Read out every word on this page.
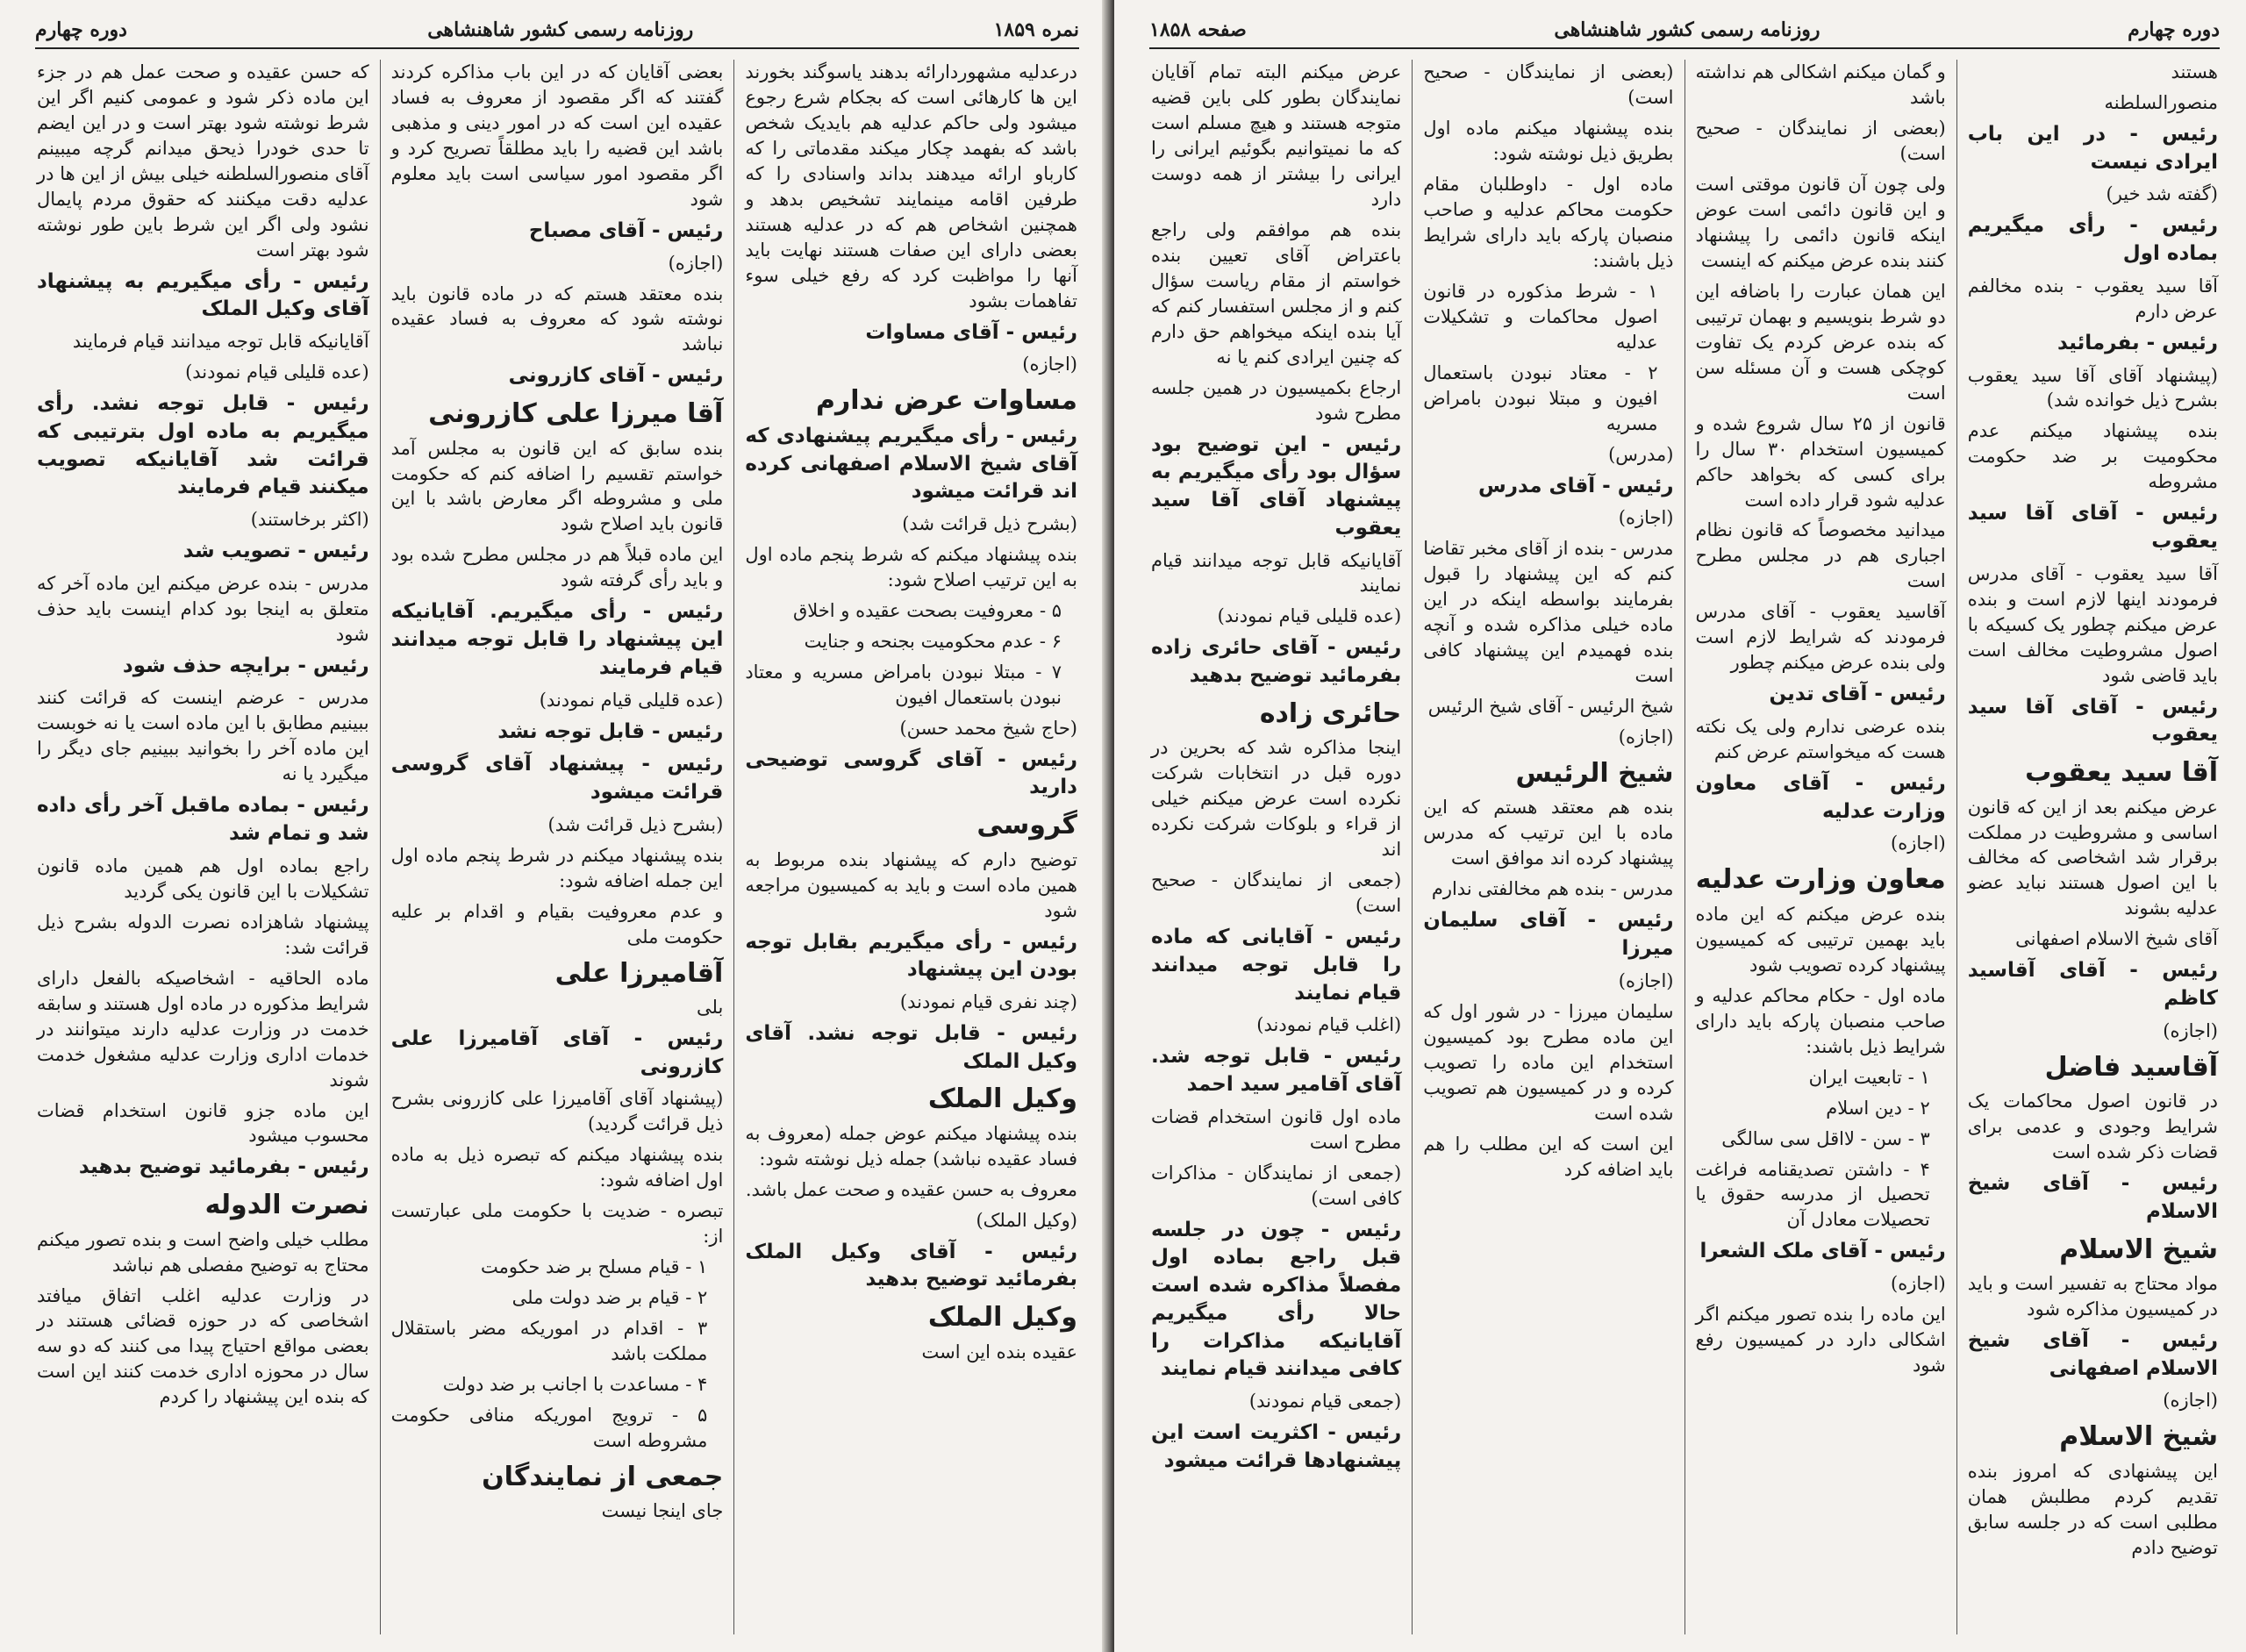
نمره ۱۸۵۹
روزنامه رسمی کشور شاهنشاهی
دوره چهارم

درعدلیه مشهوردارائه بدهند یاسوگند بخورند این ها کارهائی است که بجکام شرع رجوع میشود ولی حاکم عدلیه هم بایدیک شخص باشد که بفهمد چکار میکند مقدماتی را که کارباو ارائه میدهند بداند واسنادی را که طرفین اقامه مینمایند تشخیص بدهد و همچنین اشخاص هم که در عدلیه هستند بعضی دارای این صفات هستند نهایت باید آنها را مواظبت کرد که رفع خیلی سوء تفاهمات بشود

رئیس - آقای مساوات

(اجازه)

مساوات عرض ندارم

رئیس - رأی میگیریم پیشنهادی که آقای شیخ الاسلام اصفهانی کرده اند قرائت میشود

(بشرح ذیل قرائت شد)

بنده پیشنهاد میکنم که شرط پنجم ماده اول به این ترتیب اصلاح شود:

۵ - معروفیت بصحت عقیده و اخلاق

۶ - عدم محکومیت بجنحه و جنایت

۷ - مبتلا نبودن بامراض مسریه و معتاد نبودن باستعمال افیون

(حاج شیخ محمد حسن)

رئیس - آقای گروسی توضیحی دارید

گروسی

توضیح دارم که پیشنهاد بنده مربوط به همین ماده است و باید به کمیسیون مراجعه شود

رئیس - رأی میگیریم بقابل توجه بودن این پیشنهاد

(چند نفری قیام نمودند)

رئیس - قابل توجه نشد. آقای وکیل الملک

وکیل الملک

بنده پیشنهاد میکنم عوض جمله (معروف به فساد عقیده نباشد) جمله ذیل نوشته شود:

معروف به حسن عقیده و صحت عمل باشد.

(وکیل الملک)

رئیس - آقای وکیل الملک بفرمائید توضیح بدهید

وکیل الملک

عقیده بنده این است

بعضی آقایان که در این باب مذاکره کردند گفتند که اگر مقصود از معروف به فساد عقیده این است که در امور دینی و مذهبی باشد این قضیه را باید مطلقاً تصریح کرد و اگر مقصود امور سیاسی است باید معلوم شود

رئیس - آقای مصباح

(اجازه)

بنده معتقد هستم که در ماده قانون باید نوشته شود که معروف به فساد عقیده نباشد

رئیس - آقای کازرونی

آقا میرزا علی کازرونی

بنده سابق که این قانون به مجلس آمد خواستم تقسیم را اضافه کنم که حکومت ملی و مشروطه اگر معارض باشد با این قانون باید اصلاح شود

این ماده قبلاً هم در مجلس مطرح شده بود و باید رأی گرفته شود

رئیس - رأی میگیریم. آقایانیکه این پیشنهاد را قابل توجه میدانند قیام فرمایند

(عده قلیلی قیام نمودند)

رئیس - قابل توجه نشد

رئیس - پیشنهاد آقای گروسی قرائت میشود

(بشرح ذیل قرائت شد)

بنده پیشنهاد میکنم در شرط پنجم ماده اول این جمله اضافه شود:

و عدم معروفیت بقیام و اقدام بر علیه حکومت ملی

آقامیرزا علی

بلی

رئیس - آقای آقامیرزا علی کازرونی

(پیشنهاد آقای آقامیرزا علی کازرونی بشرح ذیل قرائت گردید)

بنده پیشنهاد میکنم که تبصره ذیل به ماده اول اضافه شود:

تبصره - ضدیت با حکومت ملی عبارتست از:

۱ - قیام مسلح بر ضد حکومت

۲ - قیام بر ضد دولت ملی

۳ - اقدام در اموریکه مضر باستقلال مملکت باشد

۴ - مساعدت با اجانب بر ضد دولت

۵ - ترویج اموریکه منافی حکومت مشروطه است

جمعی از نمایندگان

جای اینجا نیست

که حسن عقیده و صحت عمل هم در جزء این ماده ذکر شود و عمومی کنیم اگر این شرط نوشته شود بهتر است و در این ایضم تا حدی خودرا ذیحق میدانم گرچه میبینم آقای منصورالسلطنه خیلی بیش از این ها در عدلیه دقت میکنند که حقوق مردم پایمال نشود ولی اگر این شرط باین طور نوشته شود بهتر است

رئیس - رأی میگیریم به پیشنهاد آقای وکیل الملک

آقایانیکه قابل توجه میدانند قیام فرمایند

(عده قلیلی قیام نمودند)

رئیس - قابل توجه نشد. رأی میگیریم به ماده اول بترتیبی که قرائت شد آقایانیکه تصویب میکنند قیام فرمایند

(اکثر برخاستند)

رئیس - تصویب شد

مدرس - بنده عرض میکنم این ماده آخر که متعلق به اینجا بود کدام اینست باید حذف شود

رئیس - برایچه حذف شود

مدرس - عرضم اینست که قرائت کنند ببینیم مطابق با این ماده است یا نه خوبست این ماده آخر را بخوانید ببینیم جای دیگر را میگیرد یا نه

رئیس - بماده ماقبل آخر رأی داده شد و تمام شد

راجع بماده اول هم همین ماده قانون تشکیلات با این قانون یکی گردید

پیشنهاد شاهزاده نصرت الدوله بشرح ذیل قرائت شد:

ماده الحاقیه - اشخاصیکه بالفعل دارای شرایط مذکوره در ماده اول هستند و سابقه خدمت در وزارت عدلیه دارند میتوانند در خدمات اداری وزارت عدلیه مشغول خدمت شوند

این ماده جزو قانون استخدام قضات محسوب میشود

رئیس - بفرمائید توضیح بدهید

نصرت الدوله

مطلب خیلی واضح است و بنده تصور میکنم محتاج به توضیح مفصلی هم نباشد

در وزارت عدلیه اغلب اتفاق میافتد اشخاصی که در حوزه قضائی هستند در بعضی مواقع احتیاج پیدا می کنند که دو سه سال در محوزه اداری خدمت کنند این است که بنده این پیشنهاد را کردم

دوره چهارم
روزنامه رسمی کشور شاهنشاهی
صفحه ۱۸۵۸

هستند

منصورالسلطنه

رئیس - در این باب ایرادی نیست

(گفته شد خیر)

رئیس - رأی میگیریم بماده اول

آقا سید یعقوب - بنده مخالفم عرض دارم

رئیس - بفرمائید

(پیشنهاد آقای آقا سید یعقوب بشرح ذیل خوانده شد)

بنده پیشنهاد میکنم عدم محکومیت بر ضد حکومت مشروطه

رئیس - آقای آقا سید یعقوب

آقا سید یعقوب - آقای مدرس فرمودند اینها لازم است و بنده عرض میکنم چطور یک کسیکه با اصول مشروطیت مخالف است باید قاضی شود

رئیس - آقای آقا سید یعقوب

آقا سید یعقوب

عرض میکنم بعد از این که قانون اساسی و مشروطیت در مملکت برقرار شد اشخاصی که مخالف با این اصول هستند نباید عضو عدلیه بشوند

آقای شیخ الاسلام اصفهانی

رئیس - آقای آقاسید کاظم

(اجازه)

آقاسید فاضل

در قانون اصول محاکمات یک شرایط وجودی و عدمی برای قضات ذکر شده است

رئیس - آقای شیخ الاسلام

شیخ الاسلام

مواد محتاج به تفسیر است و باید در کمیسیون مذاکره شود

رئیس - آقای شیخ الاسلام اصفهانی

(اجازه)

شیخ الاسلام

این پیشنهادی که امروز بنده تقدیم کردم مطلبش همان مطلبی است که در جلسه سابق توضیح دادم

و گمان میکنم اشکالی هم نداشته باشد

(بعضی از نمایندگان - صحیح است)

ولی چون آن قانون موقتی است و این قانون دائمی است عوض اینکه قانون دائمی را پیشنهاد کنند بنده عرض میکنم که اینست

این همان عبارت را باضافه این دو شرط بنویسیم و بهمان ترتیبی که بنده عرض کردم یک تفاوت کوچکی هست و آن مسئله سن است

قانون از ۲۵ سال شروع شده و کمیسیون استخدام ۳۰ سال را برای کسی که بخواهد حاکم عدلیه شود قرار داده است

میدانید مخصوصاً که قانون نظام اجباری هم در مجلس مطرح است

آقاسید یعقوب - آقای مدرس فرمودند که شرایط لازم است ولی بنده عرض میکنم چطور

رئیس - آقای تدین

بنده عرضی ندارم ولی یک نکته هست که میخواستم عرض کنم

رئیس - آقای معاون وزارت عدلیه

(اجازه)

معاون وزارت عدلیه

بنده عرض میکنم که این ماده باید بهمین ترتیبی که کمیسیون پیشنهاد کرده تصویب شود

ماده اول - حکام محاکم عدلیه و صاحب منصبان پارکه باید دارای شرایط ذیل باشند:

۱ - تابعیت ایران

۲ - دین اسلام

۳ - سن - لااقل سی سالگی

۴ - داشتن تصدیقنامه فراغت تحصیل از مدرسه حقوق یا تحصیلات معادل آن

رئیس - آقای ملک الشعرا

(اجازه)

این ماده را بنده تصور میکنم اگر اشکالی دارد در کمیسیون رفع شود

(بعضی از نمایندگان - صحیح است)

بنده پیشنهاد میکنم ماده اول بطریق ذیل نوشته شود:

ماده اول - داوطلبان مقام حکومت محاکم عدلیه و صاحب منصبان پارکه باید دارای شرایط ذیل باشند:

۱ - شرط مذکوره در قانون اصول محاکمات و تشکیلات عدلیه

۲ - معتاد نبودن باستعمال افیون و مبتلا نبودن بامراض مسریه

(مدرس)

رئیس - آقای مدرس

(اجازه)

مدرس - بنده از آقای مخبر تقاضا کنم که این پیشنهاد را قبول بفرمایند بواسطه اینکه در این ماده خیلی مذاکره شده و آنچه بنده فهمیدم این پیشنهاد کافی است

شیخ الرئیس - آقای شیخ الرئیس

(اجازه)

شیخ الرئیس

بنده هم معتقد هستم که این ماده با این ترتیب که مدرس پیشنهاد کرده اند موافق است

مدرس - بنده هم مخالفتی ندارم

رئیس - آقای سلیمان میرزا

(اجازه)

سلیمان میرزا - در شور اول که این ماده مطرح بود کمیسیون استخدام این ماده را تصویب کرده و در کمیسیون هم تصویب شده است

این است که این مطلب را هم باید اضافه کرد

عرض میکنم البته تمام آقایان نمایندگان بطور کلی باین قضیه متوجه هستند و هیچ مسلم است که ما نمیتوانیم بگوئیم ایرانی را ایرانی را بیشتر از همه دوست دارد

بنده هم موافقم ولی راجع باعتراض آقای تعیین بنده خواستم از مقام ریاست سؤال کنم و از مجلس استفسار کنم که آیا بنده اینکه میخواهم حق دارم که چنین ایرادی کنم یا نه

ارجاع بکمیسیون در همین جلسه مطرح شود

رئیس - این توضیح بود سؤال بود رأی میگیریم به پیشنهاد آقای آقا سید یعقوب

آقایانیکه قابل توجه میدانند قیام نمایند

(عده قلیلی قیام نمودند)

رئیس - آقای حائری زاده بفرمائید توضیح بدهید

حائری زاده

اینجا مذاکره شد که بحرین در دوره قبل در انتخابات شرکت نکرده است عرض میکنم خیلی از قراء و بلوکات شرکت نکرده اند

(جمعی از نمایندگان - صحیح است)

رئیس - آقایانی که ماده را قابل توجه میدانند قیام نمایند

(اغلب قیام نمودند)

رئیس - قابل توجه شد. آقای آقامیر سید احمد

ماده اول قانون استخدام قضات مطرح است

(جمعی از نمایندگان - مذاکرات کافی است)

رئیس - چون در جلسه قبل راجع بماده اول مفصلاً مذاکره شده است حالا رأی میگیریم آقایانیکه مذاکرات را کافی میدانند قیام نمایند

(جمعی قیام نمودند)

رئیس - اکثریت است این پیشنهادها قرائت میشود
